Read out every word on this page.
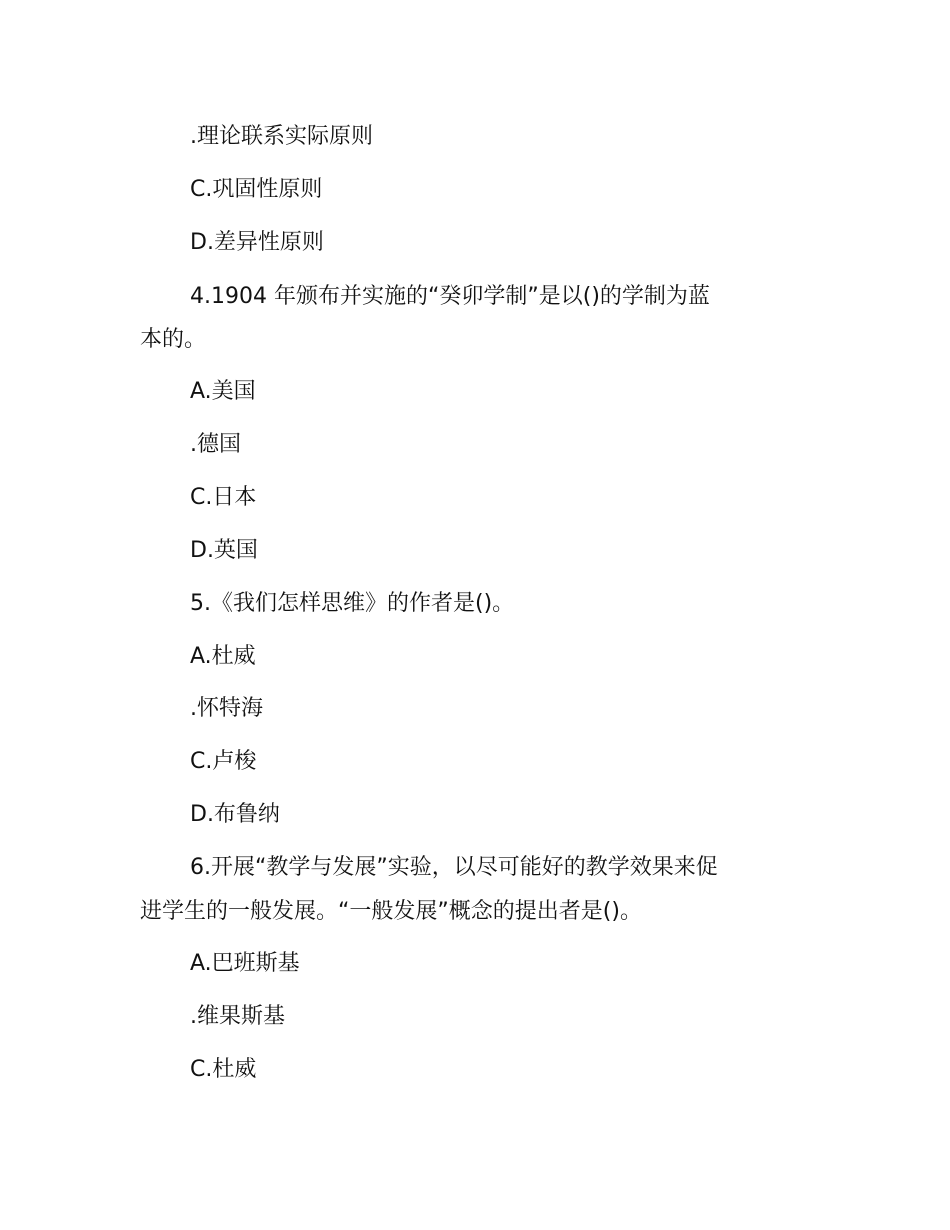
.理论联系实际原则
C.巩固性原则
D.差异性原则
4.1904 年颁布并实施的“癸卯学制”是以()的学制为蓝
本的。
A.美国
.德国
C.日本
D.英国
5.《我们怎样思维》的作者是()。
A.杜威
.怀特海
C.卢梭
D.布鲁纳
6.开展“教学与发展”实验，以尽可能好的教学效果来促
进学生的一般发展。“一般发展”概念的提出者是()。
A.巴班斯基
.维果斯基
C.杜威
